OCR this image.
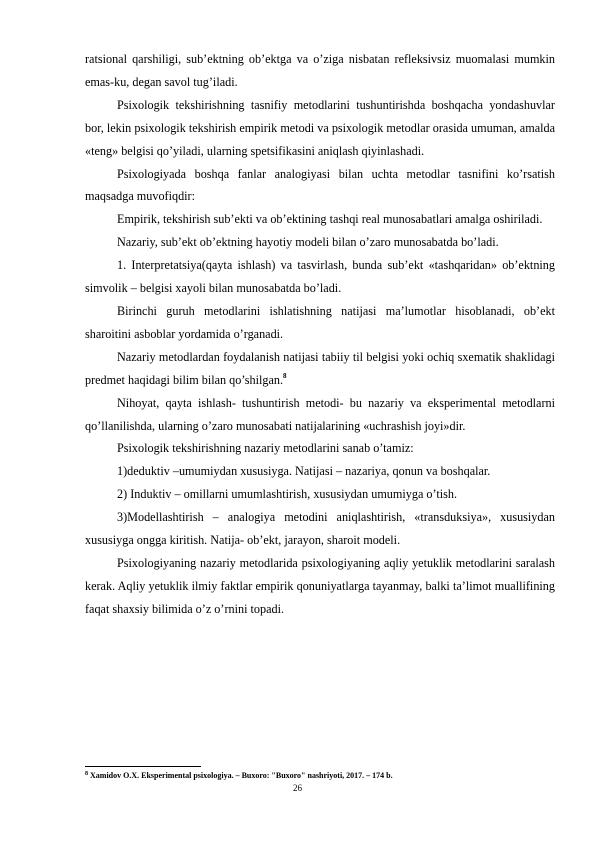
ratsional qarshiligi, sub’ektning ob’ektga va o’ziga nisbatan refleksivsiz muomalasi mumkin emas-ku, degan savol tug’iladi.

Psixologik tekshirishning tasnifiy metodlarini tushuntirishda boshqacha yondashuvlar bor, lekin psixologik tekshirish empirik metodi va psixologik metodlar orasida umuman, amalda «teng» belgisi qo’yiladi, ularning spetsifikasini aniqlash qiyinlashadi.

Psixologiyada boshqa fanlar analogiyasi bilan uchta metodlar tasnifini ko’rsatish maqsadga muvofiqdir:

Empirik, tekshirish sub’ekti va ob’ektining tashqi real munosabatlari amalga oshiriladi.

Nazariy, sub’ekt ob’ektning hayotiy modeli bilan o’zaro munosabatda bo’ladi.

1. Interpretatsiya(qayta ishlash) va tasvirlash, bunda sub’ekt «tashqaridan» ob’ektning simvolik – belgisi xayoli bilan munosabatda bo’ladi.

Birinchi guruh metodlarini ishlatishning natijasi ma’lumotlar hisoblanadi, ob’ekt sharoitini asboblar yordamida o’rganadi.

Nazariy metodlardan foydalanish natijasi tabiiy til belgisi yoki ochiq sxematik shaklidagi predmet haqidagi bilim bilan qo’shilgan.$^8$

Nihoyat, qayta ishlash- tushuntirish metodi- bu nazariy va eksperimental metodlarni qo’llanilishda, ularning o’zaro munosabati natijalarining «uchrashish joyi»dir.

Psixologik tekshirishning nazariy metodlarini sanab o’tamiz:

1)deduktiv –umumiydan xususiyga. Natijasi – nazariya, qonun va boshqalar.

2) Induktiv – omillarni umumlashtirish, xususiydan umumiyga o’tish.

3)Modellashtirish – analogiya metodini aniqlashtirish, «transduksiya», xususiydan xususiyga ongga kiritish. Natija- ob’ekt, jarayon, sharoit modeli.

Psixologiyaning nazariy metodlarida psixologiyaning aqliy yetuklik metodlarini saralash kerak. Aqliy yetuklik ilmiy faktlar empirik qonuniyatlarga tayanmay, balki ta’limot muallifining faqat shaxsiy bilimida o’z o’rnini topadi.

$^8$ Xamidov O.X. Eksperimental psixologiya. – Buxoro: "Buxoro" nashriyoti, 2017. – 174 b.
26
